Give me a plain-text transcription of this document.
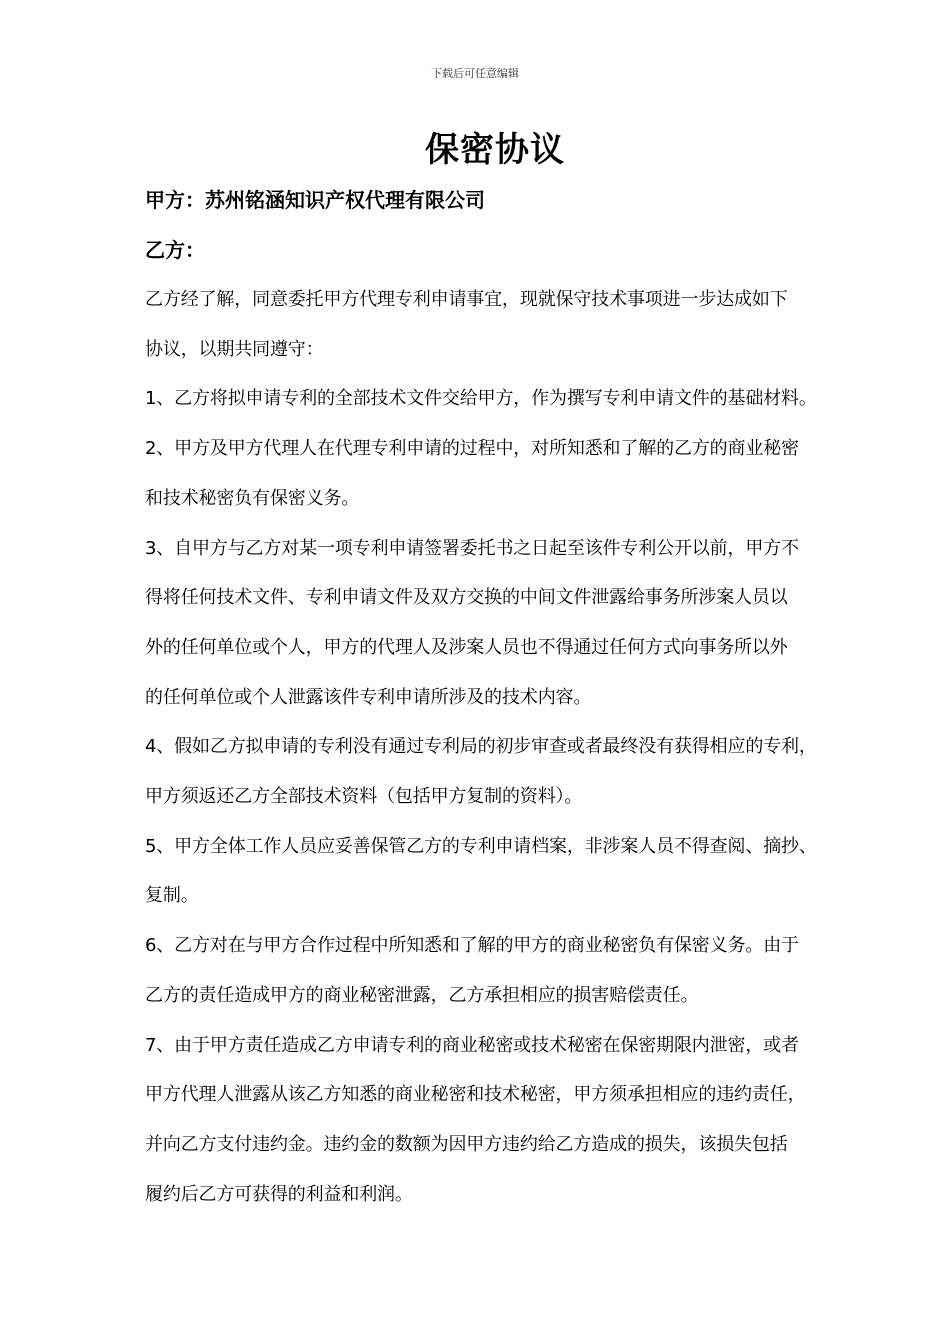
下载后可任意编辑
保密协议

甲方：苏州铭涵知识产权代理有限公司

乙方：

乙方经了解，同意委托甲方代理专利申请事宜，现就保守技术事项进一步达成如下
协议，以期共同遵守：

1、乙方将拟申请专利的全部技术文件交给甲方，作为撰写专利申请文件的基础材料。

2、甲方及甲方代理人在代理专利申请的过程中，对所知悉和了解的乙方的商业秘密
和技术秘密负有保密义务。

3、自甲方与乙方对某一项专利申请签署委托书之日起至该件专利公开以前，甲方不
得将任何技术文件、专利申请文件及双方交换的中间文件泄露给事务所涉案人员以
外的任何单位或个人，甲方的代理人及涉案人员也不得通过任何方式向事务所以外
的任何单位或个人泄露该件专利申请所涉及的技术内容。

4、假如乙方拟申请的专利没有通过专利局的初步审查或者最终没有获得相应的专利，
甲方须返还乙方全部技术资料（包括甲方复制的资料）。

5、甲方全体工作人员应妥善保管乙方的专利申请档案，非涉案人员不得查阅、摘抄、
复制。

6、乙方对在与甲方合作过程中所知悉和了解的甲方的商业秘密负有保密义务。由于
乙方的责任造成甲方的商业秘密泄露，乙方承担相应的损害赔偿责任。

7、由于甲方责任造成乙方申请专利的商业秘密或技术秘密在保密期限内泄密，或者
甲方代理人泄露从该乙方知悉的商业秘密和技术秘密，甲方须承担相应的违约责任，
并向乙方支付违约金。违约金的数额为因甲方违约给乙方造成的损失，该损失包括
履约后乙方可获得的利益和利润。
